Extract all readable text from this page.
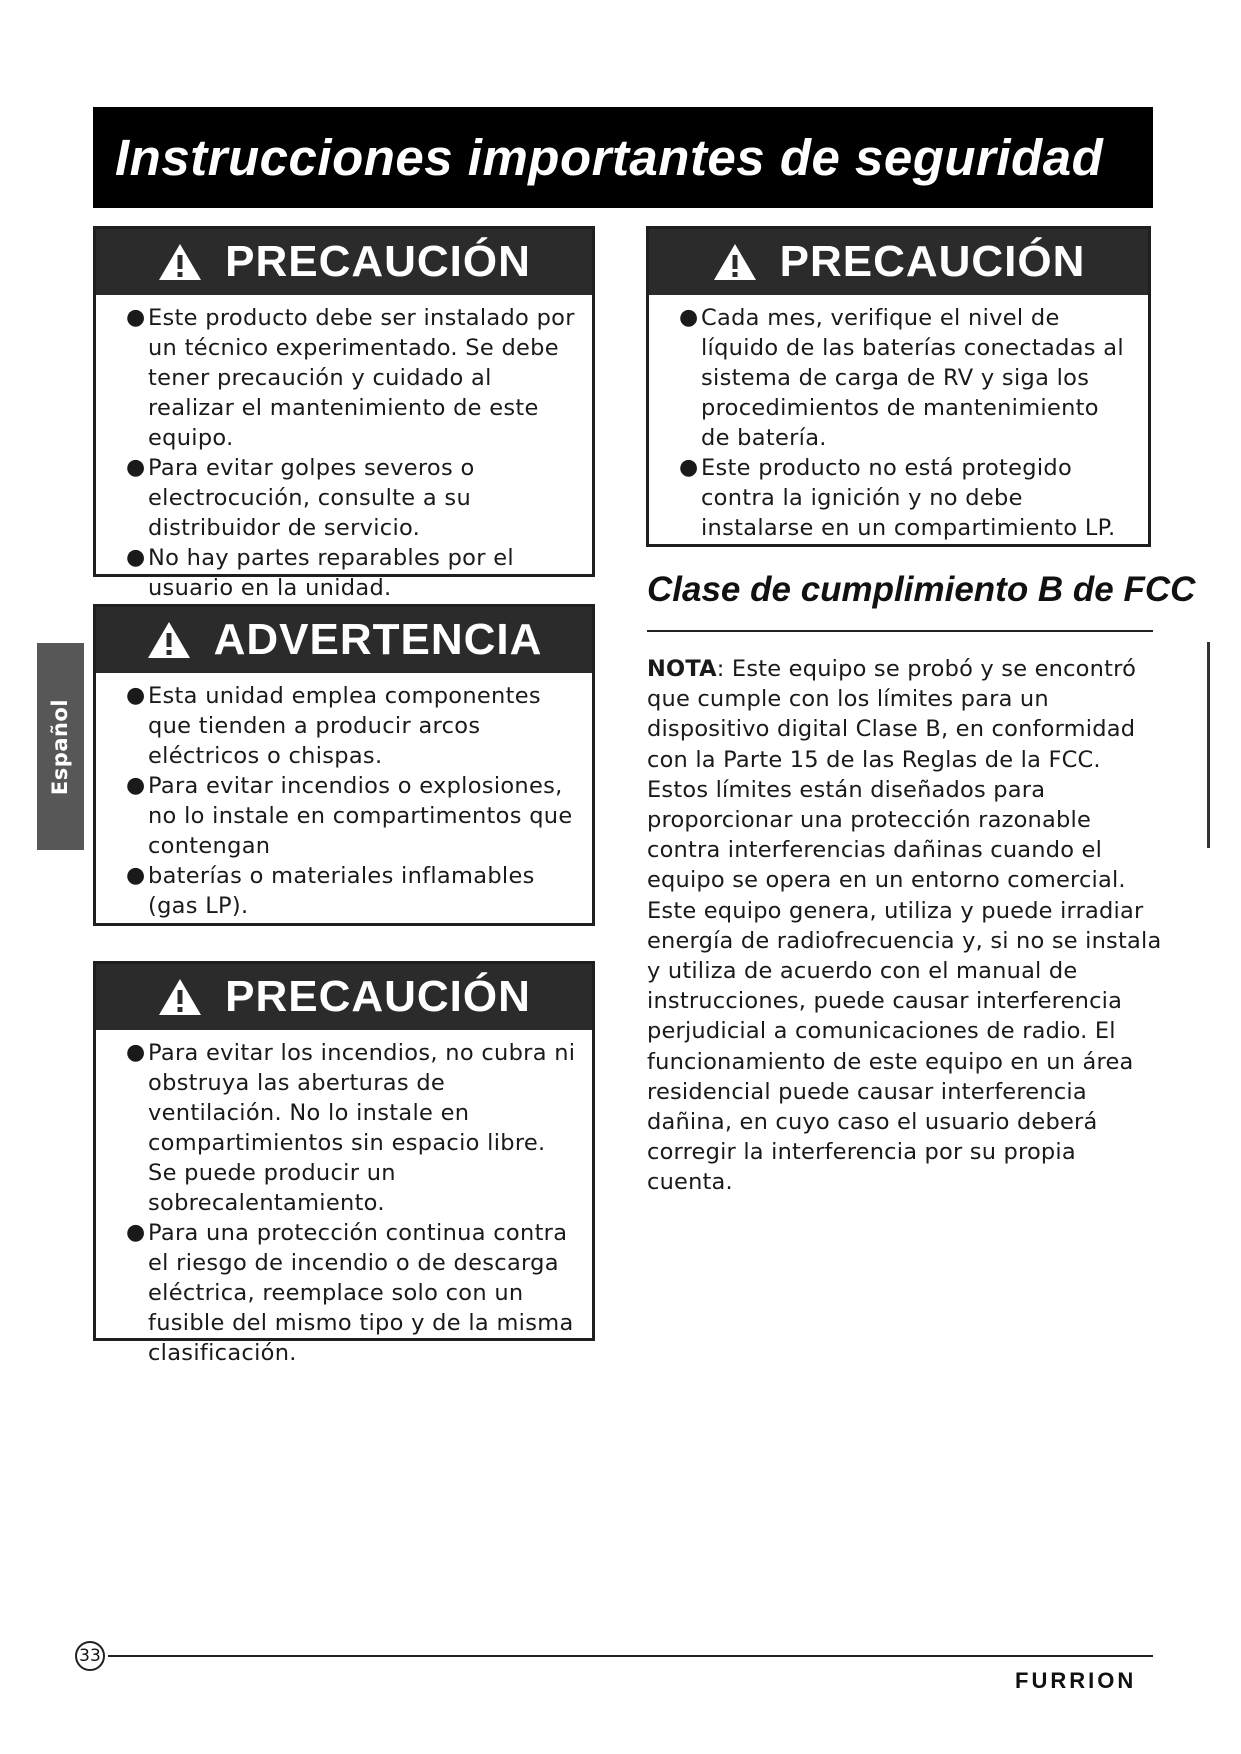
Instrucciones importantes de seguridad
Español
PRECAUCIÓN
● Este producto debe ser instalado por un técnico experimentado. Se debe tener precaución y cuidado al realizar el mantenimiento de este equipo.
● Para evitar golpes severos o electrocución, consulte a su distribuidor de servicio.
● No hay partes reparables por el usuario en la unidad.
ADVERTENCIA
● Esta unidad emplea componentes que tienden a producir arcos eléctricos o chispas.
● Para evitar incendios o explosiones, no lo instale en compartimentos que contengan
● baterías o materiales inflamables (gas LP).
PRECAUCIÓN
● Para evitar los incendios, no cubra ni obstruya las aberturas de ventilación. No lo instale en compartimientos sin espacio libre. Se puede producir un sobrecalentamiento.
● Para una protección continua contra el riesgo de incendio o de descarga eléctrica, reemplace solo con un fusible del mismo tipo y de la misma clasificación.
PRECAUCIÓN
● Cada mes, verifique el nivel de líquido de las baterías conectadas al sistema de carga de RV y siga los procedimientos de mantenimiento de batería.
● Este producto no está protegido contra la ignición y no debe instalarse en un compartimiento LP.
Clase de cumplimiento B de FCC

NOTA: Este equipo se probó y se encontró que cumple con los límites para un dispositivo digital Clase B, en conformidad con la Parte 15 de las Reglas de la FCC. Estos límites están diseñados para proporcionar una protección razonable contra interferencias dañinas cuando el equipo se opera en un entorno comercial. Este equipo genera, utiliza y puede irradiar energía de radiofrecuencia y, si no se instala y utiliza de acuerdo con el manual de instrucciones, puede causar interferencia perjudicial a comunicaciones de radio. El funcionamiento de este equipo en un área residencial puede causar interferencia dañina, en cuyo caso el usuario deberá corregir la interferencia por su propia cuenta.

33
FURRION
